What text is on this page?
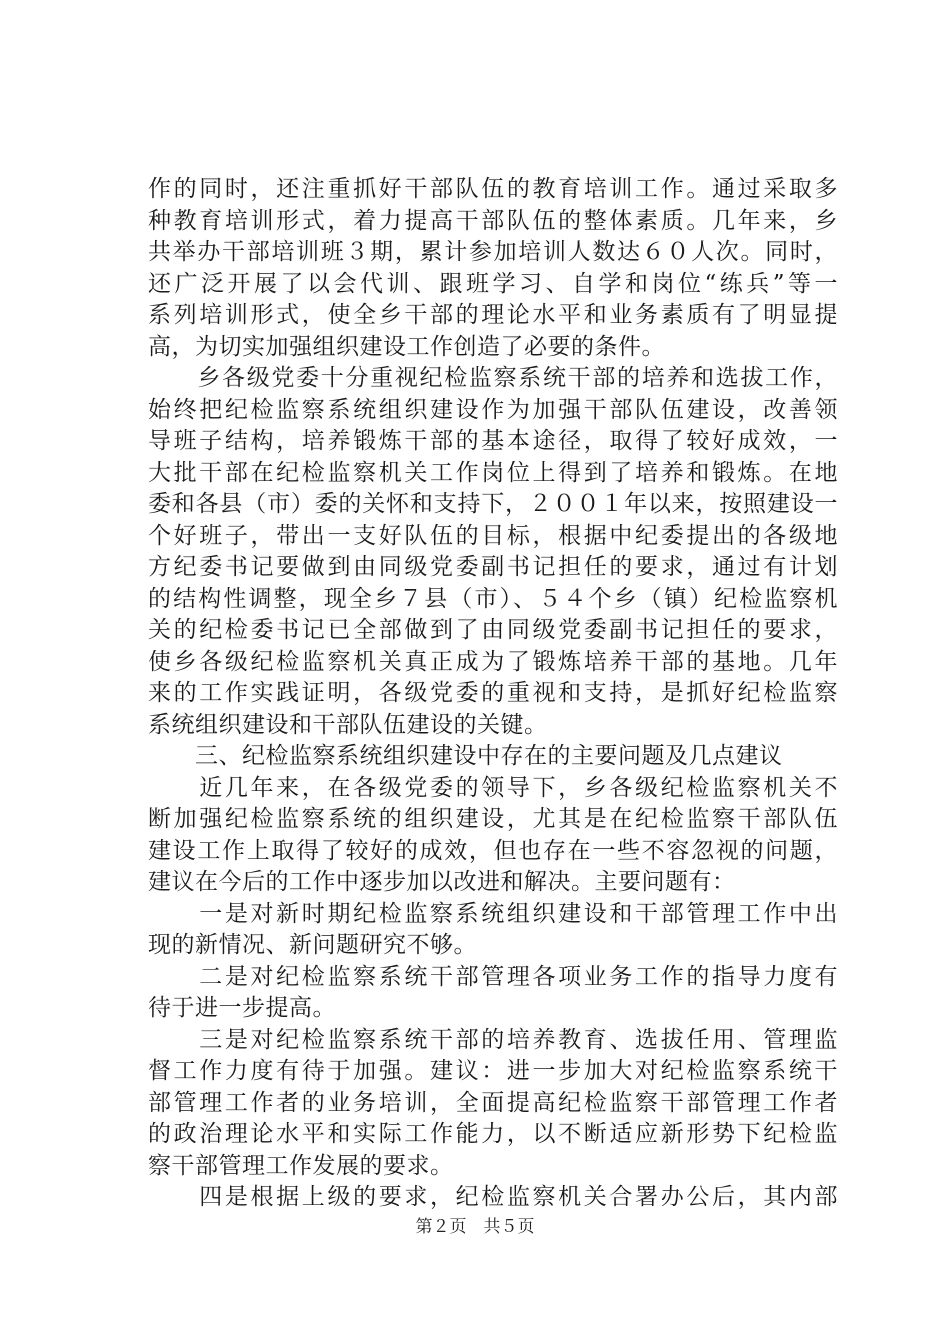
作的同时，还注重抓好干部队伍的教育培训工作。通过采取多
种教育培训形式，着力提高干部队伍的整体素质。几年来，乡
共举办干部培训班３期，累计参加培训人数达６０人次。同时，
还广泛开展了以会代训、跟班学习、自学和岗位“练兵”等一
系列培训形式，使全乡干部的理论水平和业务素质有了明显提
高，为切实加强组织建设工作创造了必要的条件。
　　乡各级党委十分重视纪检监察系统干部的培养和选拔工作，
始终把纪检监察系统组织建设作为加强干部队伍建设，改善领
导班子结构，培养锻炼干部的基本途径，取得了较好成效，一
大批干部在纪检监察机关工作岗位上得到了培养和锻炼。在地
委和各县（市）委的关怀和支持下，２００１年以来，按照建设一
个好班子，带出一支好队伍的目标，根据中纪委提出的各级地
方纪委书记要做到由同级党委副书记担任的要求，通过有计划
的结构性调整，现全乡７县（市）、５４个乡（镇）纪检监察机
关的纪检委书记已全部做到了由同级党委副书记担任的要求，
使乡各级纪检监察机关真正成为了锻炼培养干部的基地。几年
来的工作实践证明，各级党委的重视和支持，是抓好纪检监察
系统组织建设和干部队伍建设的关键。
　　三、纪检监察系统组织建设中存在的主要问题及几点建议
　　近几年来，在各级党委的领导下，乡各级纪检监察机关不
断加强纪检监察系统的组织建设，尤其是在纪检监察干部队伍
建设工作上取得了较好的成效，但也存在一些不容忽视的问题，
建议在今后的工作中逐步加以改进和解决。主要问题有：
　　一是对新时期纪检监察系统组织建设和干部管理工作中出
现的新情况、新问题研究不够。
　　二是对纪检监察系统干部管理各项业务工作的指导力度有
待于进一步提高。
　　三是对纪检监察系统干部的培养教育、选拔任用、管理监
督工作力度有待于加强。建议：进一步加大对纪检监察系统干
部管理工作者的业务培训，全面提高纪检监察干部管理工作者
的政治理论水平和实际工作能力，以不断适应新形势下纪检监
察干部管理工作发展的要求。
　　四是根据上级的要求，纪检监察机关合署办公后，其内部
第２页　共５页
